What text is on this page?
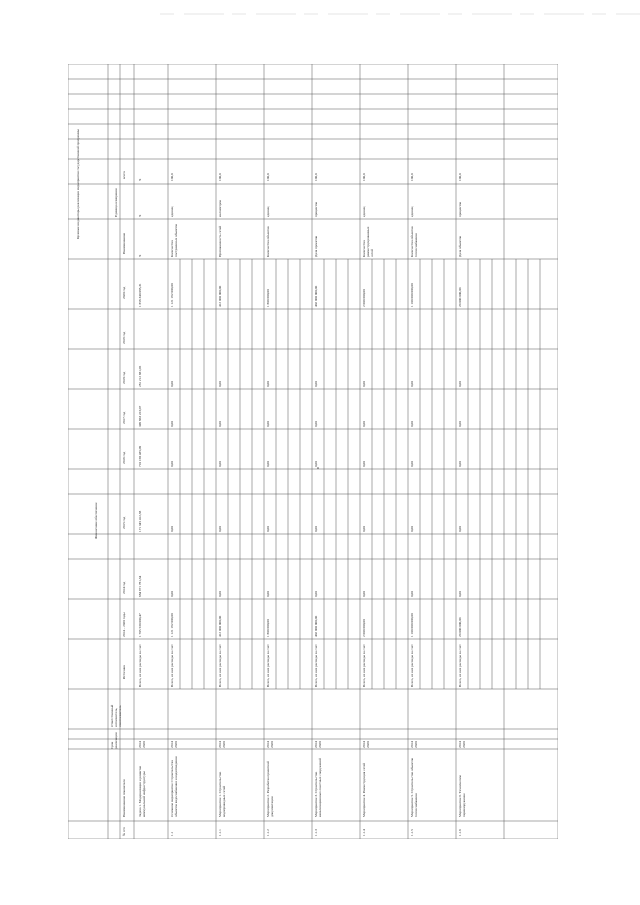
Целевые индикаторы реализации мероприятия государственной программы
Финансовое обеспечение
№ п/п
Наименование показателя
Срок реализации
Ответственный исполнитель, соисполнитель
Источник
2014 – 2020 годы
2014 год
2015 год
2016 год
2017 год
2018 год
2019 год
2020 год
Наименование
Единица измерения
всего
Задача 1. Модернизация и развитие коммунальной инфраструктуры
2014 2020
Всего, из них расходы за счет
1 705 530 000,47
684 971 781,34
171 345 412,38
710 168 435,09
349 863 223,07
281 212 681,05
1 858 340 085,31
X
X
X
1.1
Основное мероприятие: Строительство объектов водоснабжения и водоотведения
2014 2020
Всего, из них расходы за счет
1 121 192 000,00
0,00
0,00
0,00
0,00
0,00
1 121 192 000,00
Количество построенных объектов
единиц
100,0
1.1.1
Мероприятие 1. Строительство водопроводных сетей
2014 2020
Всего, из них расходы за счет
412 000 000,00
0,00
0,00
0,00
0,00
0,00
412 000 000,00
Протяженность сетей
километров
100,0
1.1.2
Мероприятие 2. Разработка проектной документации
2014 2020
Всего, из них расходы за счет
1 800 000,00
0,00
0,00
0,00
0,00
0,00
1 800 000,00
Количество объектов
единиц
100,0
1.1.3
Мероприятие 3. Строительство канализационных очистных сооружений
2014 2020
Всего, из них расходы за счет
402 000 000,00
0,00
0,00
0,00
0,00
0,00
402 000 000,00
Доля проектов
процентов
100,0
1.1.4
Мероприятие 4. Реконструкция сетей
2014 2020
Всего, из них расходы за счет
2 000 000,00
0,00
0,00
0,00
0,00
0,00
2 000 000,00
Количество реконструированных сетей
единиц
100,0
1.1.5
Мероприятие 5. Строительство объектов теплоснабжения
2014 2020
Всего, из них расходы за счет
1 100 000 000,00
0,00
0,00
0,00
0,00
0,00
1 100 000 000,00
Количество объектов теплоснабжения
единиц
100,0
1.1.6
Мероприятие 6. Техническое перевооружение
2014 2020
Всего, из них расходы за счет
20 000 000,00
0,00
0,00
0,00
0,00
0,00
20 000 000,00
Доля объектов
процентов
100,0
